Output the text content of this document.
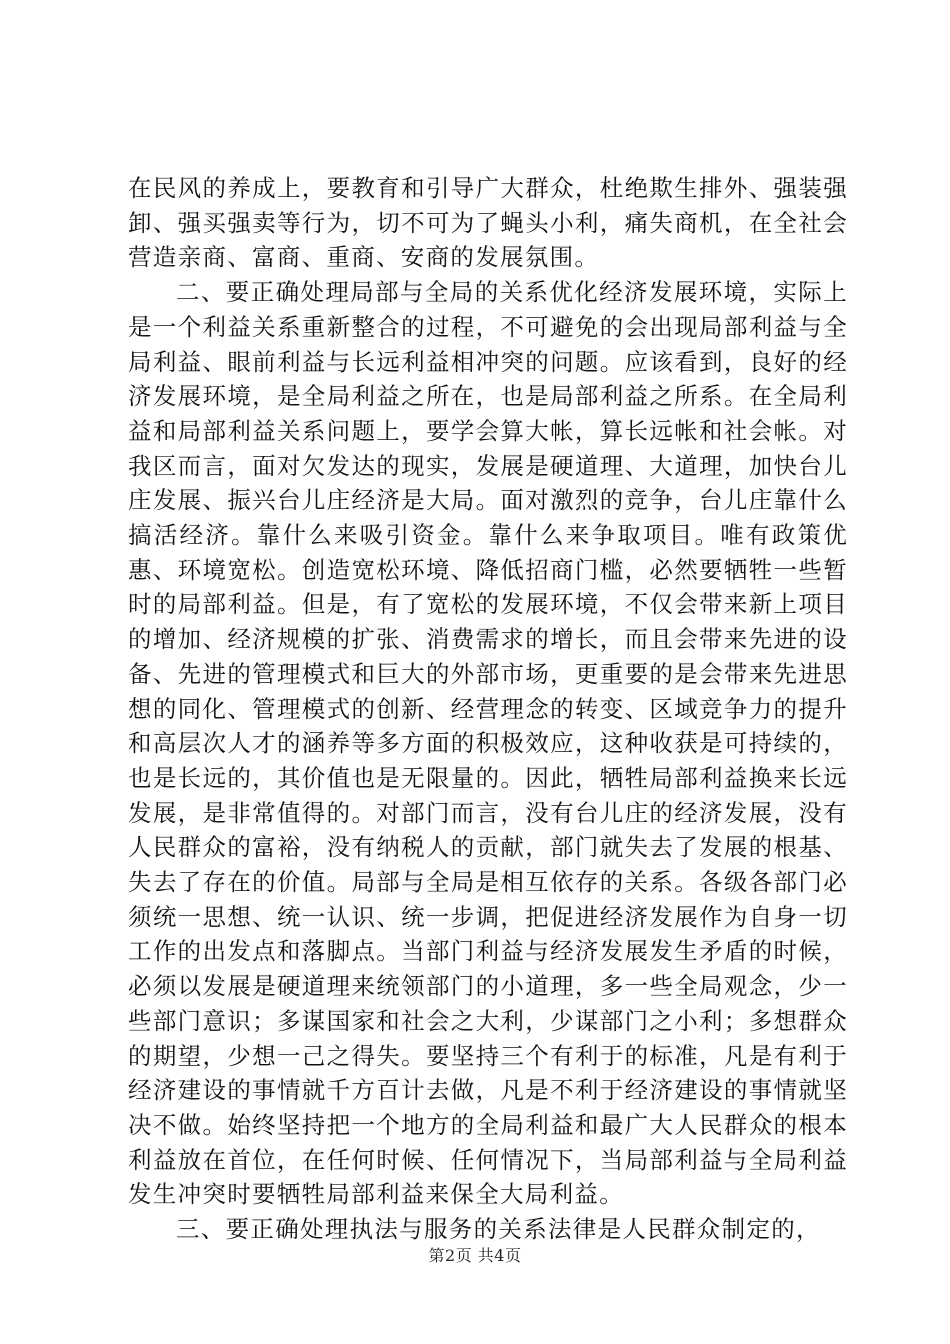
在民风的养成上，要教育和引导广大群众，杜绝欺生排外、强装强卸、强买强卖等行为，切不可为了蝇头小利，痛失商机，在全社会营造亲商、富商、重商、安商的发展氛围。

二、要正确处理局部与全局的关系优化经济发展环境，实际上是一个利益关系重新整合的过程，不可避免的会出现局部利益与全局利益、眼前利益与长远利益相冲突的问题。应该看到，良好的经济发展环境，是全局利益之所在，也是局部利益之所系。在全局利益和局部利益关系问题上，要学会算大帐，算长远帐和社会帐。对我区而言，面对欠发达的现实，发展是硬道理、大道理，加快台儿庄发展、振兴台儿庄经济是大局。面对激烈的竞争，台儿庄靠什么搞活经济。靠什么来吸引资金。靠什么来争取项目。唯有政策优惠、环境宽松。创造宽松环境、降低招商门槛，必然要牺牲一些暂时的局部利益。但是，有了宽松的发展环境，不仅会带来新上项目的增加、经济规模的扩张、消费需求的增长，而且会带来先进的设备、先进的管理模式和巨大的外部市场，更重要的是会带来先进思想的同化、管理模式的创新、经营理念的转变、区域竞争力的提升和高层次人才的涵养等多方面的积极效应，这种收获是可持续的，也是长远的，其价值也是无限量的。因此，牺牲局部利益换来长远发展，是非常值得的。对部门而言，没有台儿庄的经济发展，没有人民群众的富裕，没有纳税人的贡献，部门就失去了发展的根基、失去了存在的价值。局部与全局是相互依存的关系。各级各部门必须统一思想、统一认识、统一步调，把促进经济发展作为自身一切工作的出发点和落脚点。当部门利益与经济发展发生矛盾的时候，必须以发展是硬道理来统领部门的小道理，多一些全局观念，少一些部门意识；多谋国家和社会之大利，少谋部门之小利；多想群众的期望，少想一己之得失。要坚持三个有利于的标准，凡是有利于经济建设的事情就千方百计去做，凡是不利于经济建设的事情就坚决不做。始终坚持把一个地方的全局利益和最广大人民群众的根本利益放在首位，在任何时候、任何情况下，当局部利益与全局利益发生冲突时要牺牲局部利益来保全大局利益。

三、要正确处理执法与服务的关系法律是人民群众制定的，

第2页 共4页
